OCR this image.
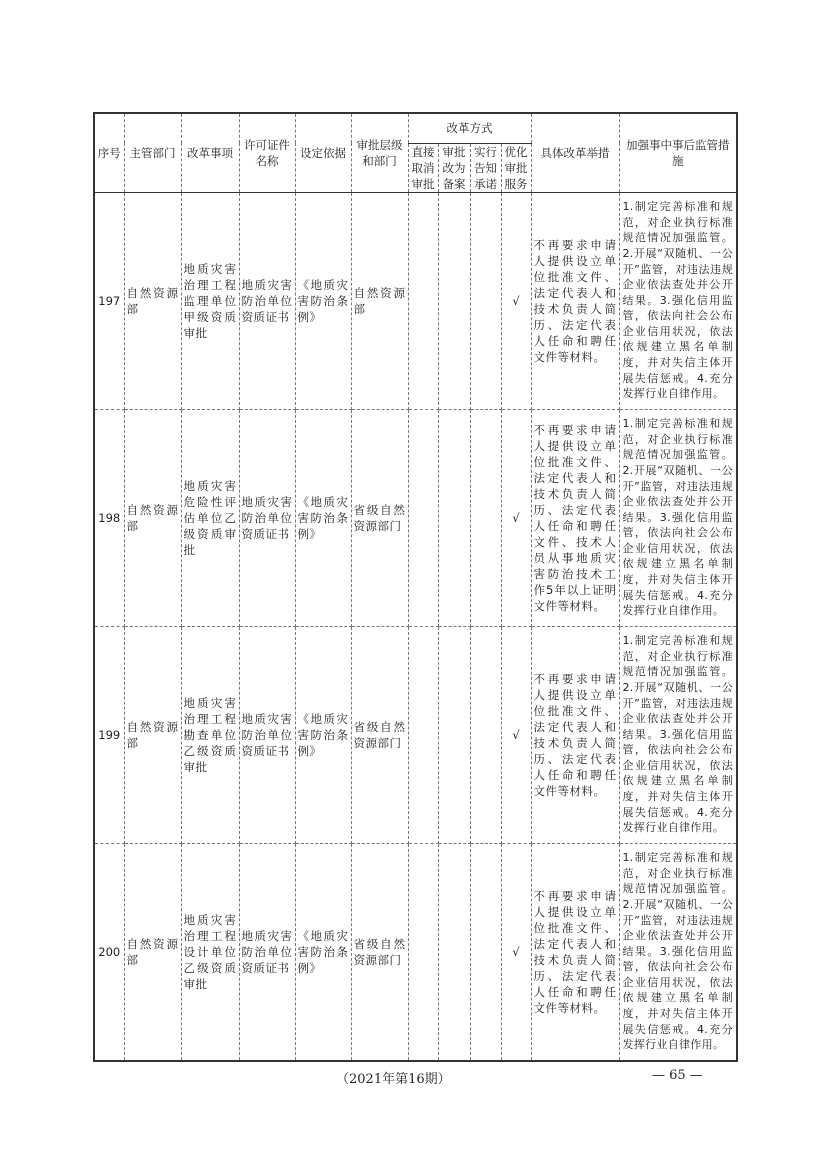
序号	主管部门	改革事项	许可证件名称	设定依据	审批层级和部门	改革方式				具体改革举措	加强事中事后监管措施
						直接取消审批	审批改为备案	实行告知承诺	优化审批服务		
197	自然资源部	地质灾害治理工程监理单位甲级资质审批	地质灾害防治单位资质证书	《地质灾害防治条例》	自然资源部				√	不再要求申请人提供设立单位批准文件、法定代表人和技术负责人简历、法定代表人任命和聘任文件等材料。	1.制定完善标准和规范，对企业执行标准规范情况加强监管。2.开展“双随机、一公开”监管，对违法违规企业依法查处并公开结果。3.强化信用监管，依法向社会公布企业信用状况，依法依规建立黑名单制度，并对失信主体开展失信惩戒。4.充分发挥行业自律作用。
198	自然资源部	地质灾害危险性评估单位乙级资质审批	地质灾害防治单位资质证书	《地质灾害防治条例》	省级自然资源部门				√	不再要求申请人提供设立单位批准文件、法定代表人和技术负责人简历、法定代表人任命和聘任文件、技术人员从事地质灾害防治技术工作5年以上证明文件等材料。	1.制定完善标准和规范，对企业执行标准规范情况加强监管。2.开展“双随机、一公开”监管，对违法违规企业依法查处并公开结果。3.强化信用监管，依法向社会公布企业信用状况，依法依规建立黑名单制度，并对失信主体开展失信惩戒。4.充分发挥行业自律作用。
199	自然资源部	地质灾害治理工程勘查单位乙级资质审批	地质灾害防治单位资质证书	《地质灾害防治条例》	省级自然资源部门				√	不再要求申请人提供设立单位批准文件、法定代表人和技术负责人简历、法定代表人任命和聘任文件等材料。	1.制定完善标准和规范，对企业执行标准规范情况加强监管。2.开展“双随机、一公开”监管，对违法违规企业依法查处并公开结果。3.强化信用监管，依法向社会公布企业信用状况，依法依规建立黑名单制度，并对失信主体开展失信惩戒。4.充分发挥行业自律作用。
200	自然资源部	地质灾害治理工程设计单位乙级资质审批	地质灾害防治单位资质证书	《地质灾害防治条例》	省级自然资源部门				√	不再要求申请人提供设立单位批准文件、法定代表人和技术负责人简历、法定代表人任命和聘任文件等材料。	1.制定完善标准和规范，对企业执行标准规范情况加强监管。2.开展“双随机、一公开”监管，对违法违规企业依法查处并公开结果。3.强化信用监管，依法向社会公布企业信用状况，依法依规建立黑名单制度，并对失信主体开展失信惩戒。4.充分发挥行业自律作用。
（2021年第16期）	— 65 —
